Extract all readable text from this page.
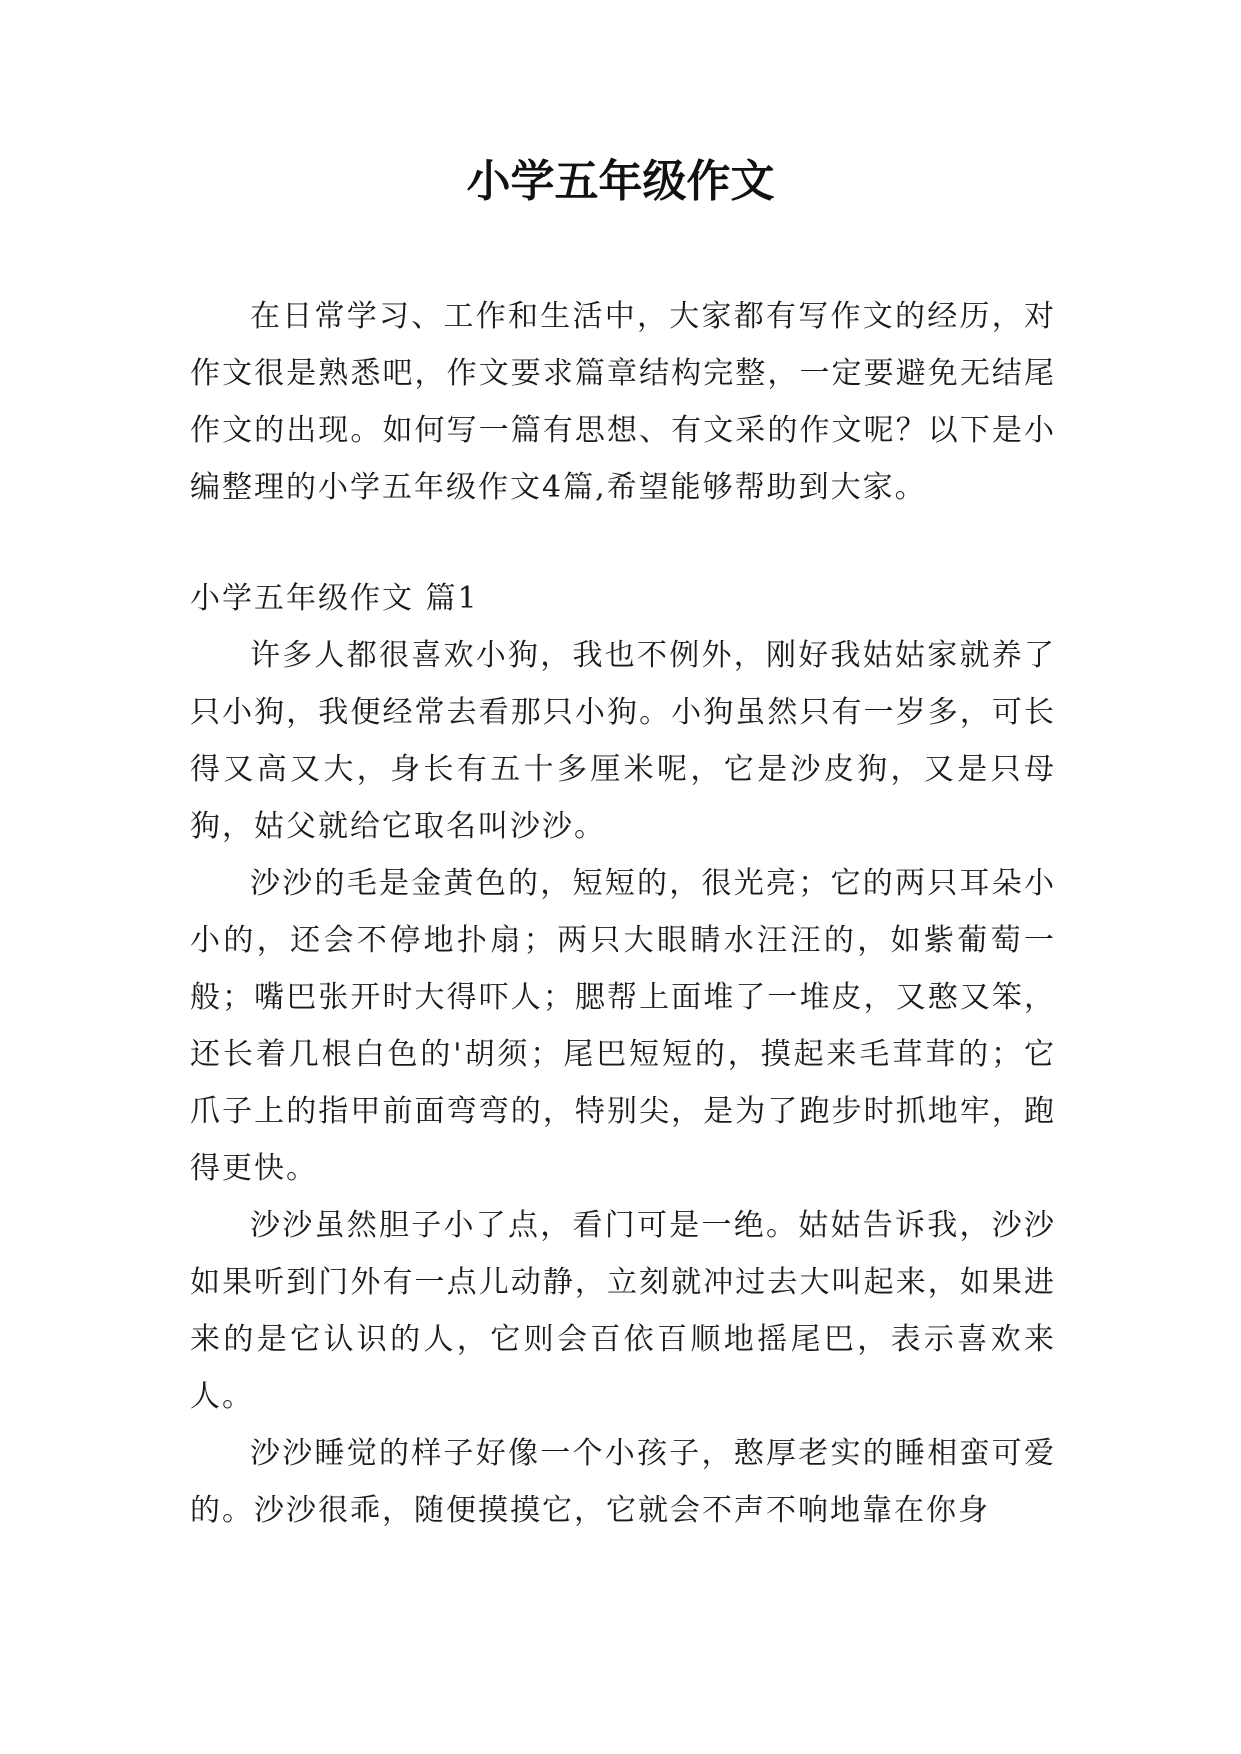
小学五年级作文

在日常学习、工作和生活中，大家都有写作文的经历，对作文很是熟悉吧，作文要求篇章结构完整，一定要避免无结尾作文的出现。如何写一篇有思想、有文采的作文呢？以下是小编整理的小学五年级作文4篇,希望能够帮助到大家。

小学五年级作文 篇1

许多人都很喜欢小狗，我也不例外，刚好我姑姑家就养了只小狗，我便经常去看那只小狗。小狗虽然只有一岁多，可长得又高又大，身长有五十多厘米呢，它是沙皮狗，又是只母狗，姑父就给它取名叫沙沙。

沙沙的毛是金黄色的，短短的，很光亮；它的两只耳朵小小的，还会不停地扑扇；两只大眼睛水汪汪的，如紫葡萄一般；嘴巴张开时大得吓人；腮帮上面堆了一堆皮，又憨又笨，还长着几根白色的'胡须；尾巴短短的，摸起来毛茸茸的；它爪子上的指甲前面弯弯的，特别尖，是为了跑步时抓地牢，跑得更快。

沙沙虽然胆子小了点，看门可是一绝。姑姑告诉我，沙沙如果听到门外有一点儿动静，立刻就冲过去大叫起来，如果进来的是它认识的人，它则会百依百顺地摇尾巴，表示喜欢来人。

沙沙睡觉的样子好像一个小孩子，憨厚老实的睡相蛮可爱的。沙沙很乖，随便摸摸它，它就会不声不响地靠在你身
